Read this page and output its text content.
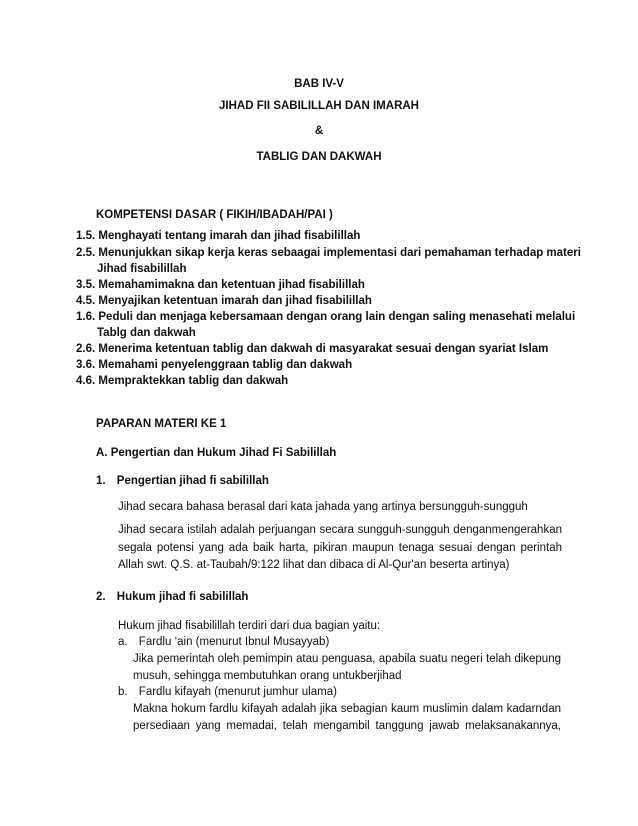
BAB IV-V
JIHAD FII SABILILLAH DAN IMARAH
&
TABLIG DAN DAKWAH
KOMPETENSI DASAR ( FIKIH/IBADAH/PAI )
1.5. Menghayati tentang imarah dan jihad fisabilillah
2.5. Menunjukkan sikap kerja keras sebaagai implementasi dari pemahaman terhadap materi
Jihad fisabilillah
3.5. Memahamimakna dan ketentuan jihad fisabilillah
4.5. Menyajikan ketentuan imarah dan jihad fisabilillah
1.6. Peduli dan menjaga kebersamaan dengan orang lain dengan saling menasehati melalui
Tablg dan dakwah
2.6. Menerima ketentuan tablig dan dakwah di masyarakat sesuai dengan syariat Islam
3.6. Memahami penyelenggraan tablig dan dakwah
4.6. Mempraktekkan tablig dan dakwah
PAPARAN MATERI KE 1
A. Pengertian dan Hukum Jihad Fi Sabilillah
1. Pengertian jihad fi sabilillah
Jihad secara bahasa berasal dari kata jahada yang artinya bersungguh-sungguh
Jihad secara istilah adalah perjuangan secara sungguh-sungguh denganmengerahkan segala potensi yang ada baik harta, pikiran maupun tenaga sesuai dengan perintah Allah swt. Q.S. at-Taubah/9:122 lihat dan dibaca di Al-Qur'an beserta artinya)
2. Hukum jihad fi sabilillah
Hukum jihad fisabilillah terdiri dari dua bagian yaitu:
a. Fardlu ‘ain (menurut Ibnul Musayyab)
Jika pemerintah oleh pemimpin atau penguasa, apabila suatu negeri telah dikepung musuh, sehingga membutuhkan orang untukberjihad
b. Fardlu kifayah (menurut jumhur ulama)
Makna hokum fardlu kifayah adalah jika sebagian kaum muslimin dalam kadarndan persediaan yang memadai, telah mengambil tanggung jawab melaksanakannya,
